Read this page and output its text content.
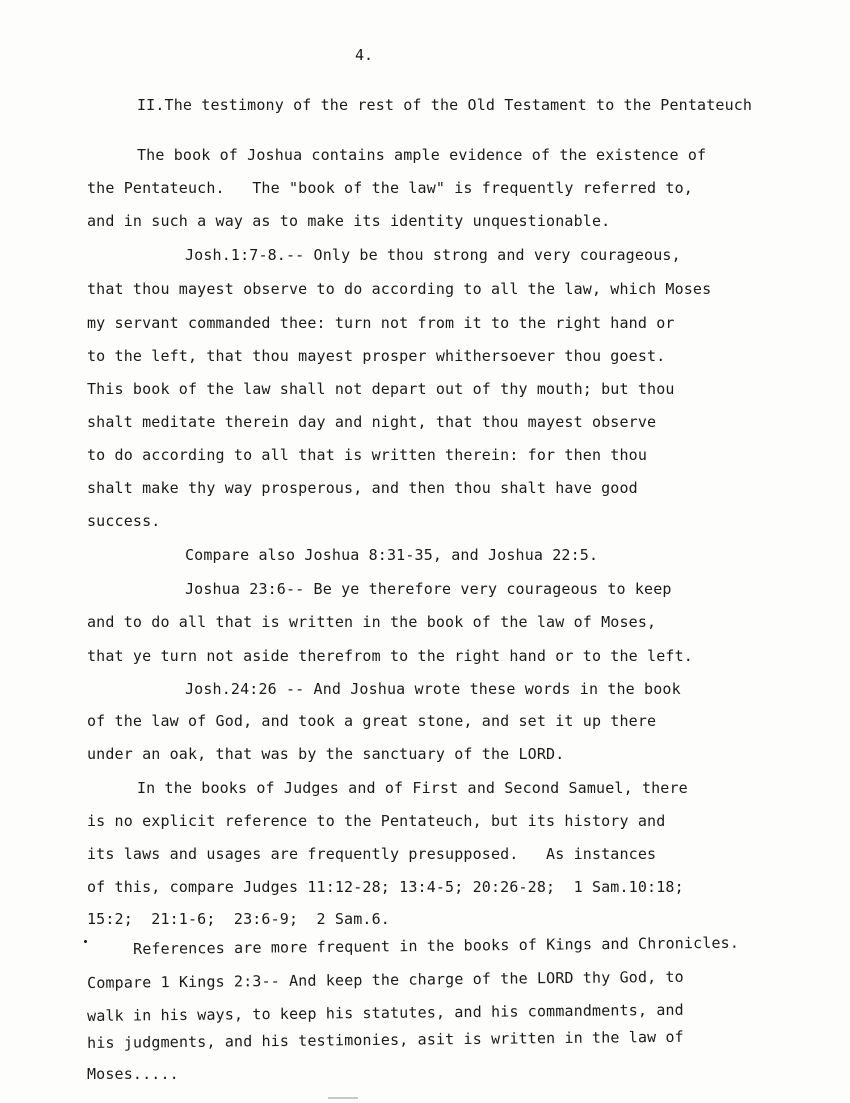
4.
II.The testimony of the rest of the Old Testament to the Pentateuch
The book of Joshua contains ample evidence of the existence of
the Pentateuch.   The "book of the law" is frequently referred to,
and in such a way as to make its identity unquestionable.
Josh.1:7-8.-- Only be thou strong and very courageous,
that thou mayest observe to do according to all the law, which Moses
my servant commanded thee: turn not from it to the right hand or
to the left, that thou mayest prosper whithersoever thou goest.
This book of the law shall not depart out of thy mouth; but thou
shalt meditate therein day and night, that thou mayest observe
to do according to all that is written therein: for then thou
shalt make thy way prosperous, and then thou shalt have good
success.
Compare also Joshua 8:31-35, and Joshua 22:5.
Joshua 23:6-- Be ye therefore very courageous to keep
and to do all that is written in the book of the law of Moses,
that ye turn not aside therefrom to the right hand or to the left.
Josh.24:26 -- And Joshua wrote these words in the book
of the law of God, and took a great stone, and set it up there
under an oak, that was by the sanctuary of the LORD.
In the books of Judges and of First and Second Samuel, there
is no explicit reference to the Pentateuch, but its history and
its laws and usages are frequently presupposed.   As instances
of this, compare Judges 11:12-28; 13:4-5; 20:26-28;  1 Sam.10:18;
15:2;  21:1-6;  23:6-9;  2 Sam.6.
References are more frequent in the books of Kings and Chronicles.
Compare 1 Kings 2:3-- And keep the charge of the LORD thy God, to
walk in his ways, to keep his statutes, and his commandments, and
his judgments, and his testimonies, asit is written in the law of
Moses.....
